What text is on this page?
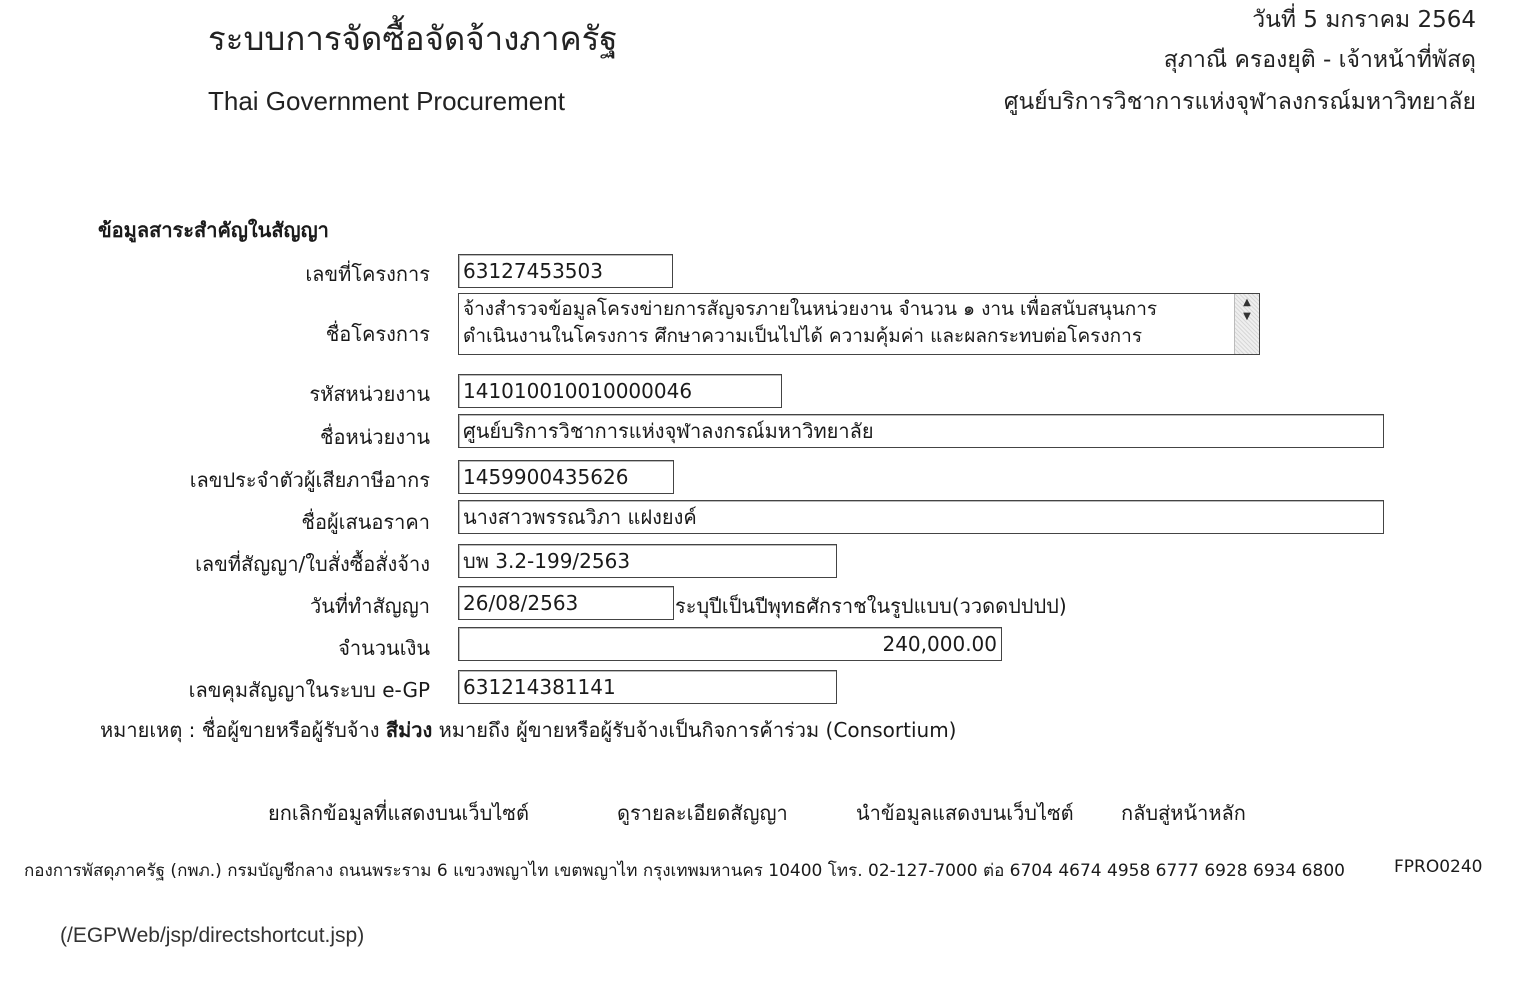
ระบบการจัดซื้อจัดจ้างภาครัฐ
Thai Government Procurement
วันที่ 5 มกราคม 2564
สุภาณี ครองยุติ - เจ้าหน้าที่พัสดุ
ศูนย์บริการวิชาการแห่งจุฬาลงกรณ์มหาวิทยาลัย
ข้อมูลสาระสำคัญในสัญญา
เลขที่โครงการ 63127453503
ชื่อโครงการ
จ้างสำรวจข้อมูลโครงข่ายการสัญจรภายในหน่วยงาน จำนวน ๑ งาน เพื่อสนับสนุนการ
ดำเนินงานในโครงการ ศึกษาความเป็นไปได้ ความคุ้มค่า และผลกระทบต่อโครงการ
▲
▼
รหัสหน่วยงาน 141010010010000046
ชื่อหน่วยงาน ศูนย์บริการวิชาการแห่งจุฬาลงกรณ์มหาวิทยาลัย
เลขประจำตัวผู้เสียภาษีอากร 1459900435626
ชื่อผู้เสนอราคา นางสาวพรรณวิภา แฝงยงค์
เลขที่สัญญา/ใบสั่งซื้อสั่งจ้าง บพ 3.2-199/2563
วันที่ทำสัญญา 26/08/2563	ระบุปีเป็นปีพุทธศักราชในรูปแบบ(ววดดปปปป)
จำนวนเงิน	240,000.00
เลขคุมสัญญาในระบบ e-GP 631214381141
หมายเหตุ : ชื่อผู้ขายหรือผู้รับจ้าง สีม่วง หมายถึง ผู้ขายหรือผู้รับจ้างเป็นกิจการค้าร่วม (Consortium)
ยกเลิกข้อมูลที่แสดงบนเว็บไซต์	ดูรายละเอียดสัญญา	นำข้อมูลแสดงบนเว็บไซต์ กลับสู่หน้าหลัก
กองการพัสดุภาครัฐ (กพภ.) กรมบัญชีกลาง ถนนพระราม 6 แขวงพญาไท เขตพญาไท กรุงเทพมหานคร 10400 โทร. 02-127-7000 ต่อ 6704 4674 4958 6777 6928 6934 6800	FPRO0240
(/EGPWeb/jsp/directshortcut.jsp)
